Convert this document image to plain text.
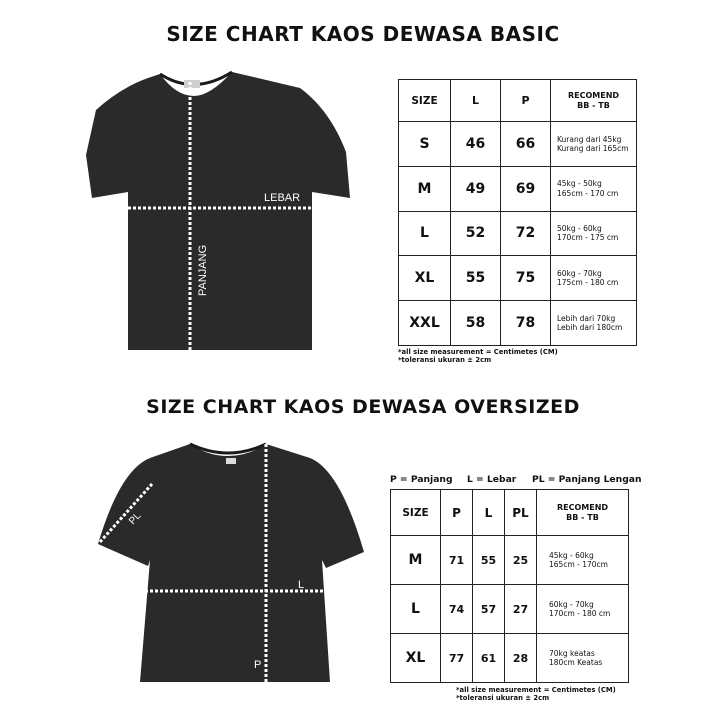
SIZE CHART KAOS DEWASA BASIC
LEBAR
PANJANG
PL
L
P
SIZE	L	P	RECOMEND
BB - TB

S	46	66	Kurang dari 45kg
Kurang dari 165cm

M	49	69	45kg - 50kg
165cm - 170 cm

L	52	72	50kg - 60kg
170cm - 175 cm

XL	55	75	60kg - 70kg
175cm - 180 cm

XXL	58	78	Lebih dari 70kg
Lebih dari 180cm
*all size measurement = Centimetes (CM)
*toleransi ukuran ± 2cm
SIZE CHART KAOS DEWASA OVERSIZED
P = Panjang L = Lebar PL = Panjang Lengan
SIZE	P	L	PL	RECOMEND
BB - TB

M	71	55	25	45kg - 60kg
165cm - 170cm

L	74	57	27	60kg - 70kg
170cm - 180 cm

XL	77	61	28	70kg keatas
180cm Keatas
*all size measurement = Centimetes (CM)
*toleransi ukuran ± 2cm
